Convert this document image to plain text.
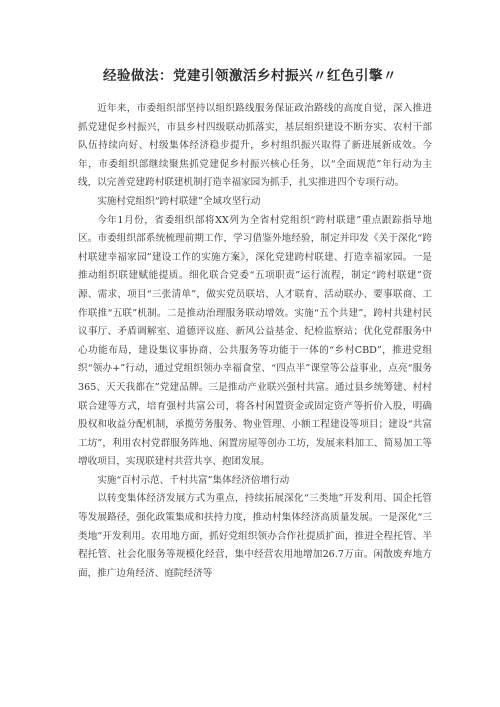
经验做法：党建引领激活乡村振兴〃红色引擎〃

近年来，市委组织部坚持以组织路线服务保证政治路线的高度自觉，深入推进抓党建促乡村振兴，市县乡村四级联动抓落实，基层组织建设不断夯实、农村干部队伍持续向好、村级集体经济稳步提升，乡村组织振兴取得了新进展新成效。今年，市委组织部继续聚焦抓党建促乡村振兴核心任务，以“全面规范”年行动为主线，以完善党建跨村联建机制打造幸福家园为抓手，扎实推进四个专项行动。

实施村党组织“跨村联建”全域攻坚行动

今年1月份，省委组织部将XX列为全省村党组织“跨村联建”重点跟踪指导地区。市委组织部系统梳理前期工作，学习借鉴外地经验，制定并印发《关于深化“跨村联建幸福家园”建设工作的实施方案》，深化党建跨村联建、打造幸福家园。一是推动组织联建赋能提质。细化联合党委“五项职责”运行流程，制定“跨村联建”资源、需求、项目“三张清单”，做实党员联培、人才联育、活动联办、要事联商、工作联推“五联”机制。二是推动治理服务联动增效。实施“五个共建”，跨村共建村民议事厅、矛盾调解室、道德评议庭、新风公益基金、纪检监察站；优化党群服务中心功能布局，建设集议事协商、公共服务等功能于一体的“乡村CBD”，推进党组织“领办+”行动，通过党组织领办幸福食堂、“四点半”课堂等公益事业，点亮“服务365、天天我都在”党建品牌。三是推动产业联兴强村共富。通过县乡统筹建、村村联合建等方式，培育强村共富公司，将各村闲置资金或固定资产等折价入股，明确股权和收益分配机制，承揽劳务服务、物业管理、小额工程建设等项目；建设“共富工坊”，利用农村党群服务阵地、闲置房屋等创办工坊，发展来料加工、简易加工等增收项目，实现联建村共营共享、抱团发展。

实施“百村示范、千村共富”集体经济倍增行动

以转变集体经济发展方式为重点，持续拓展深化“三类地”开发利用、国企托管等发展路径，强化政策集成和扶持力度，推动村集体经济高质量发展。一是深化“三类地”开发利用。农用地方面，抓好党组织领办合作社提质扩面，推进全程托管、半程托管、社会化服务等规模化经营，集中经营农用地增加26.7万亩。闲散废弃地方面，推广边角经济、庭院经济等
